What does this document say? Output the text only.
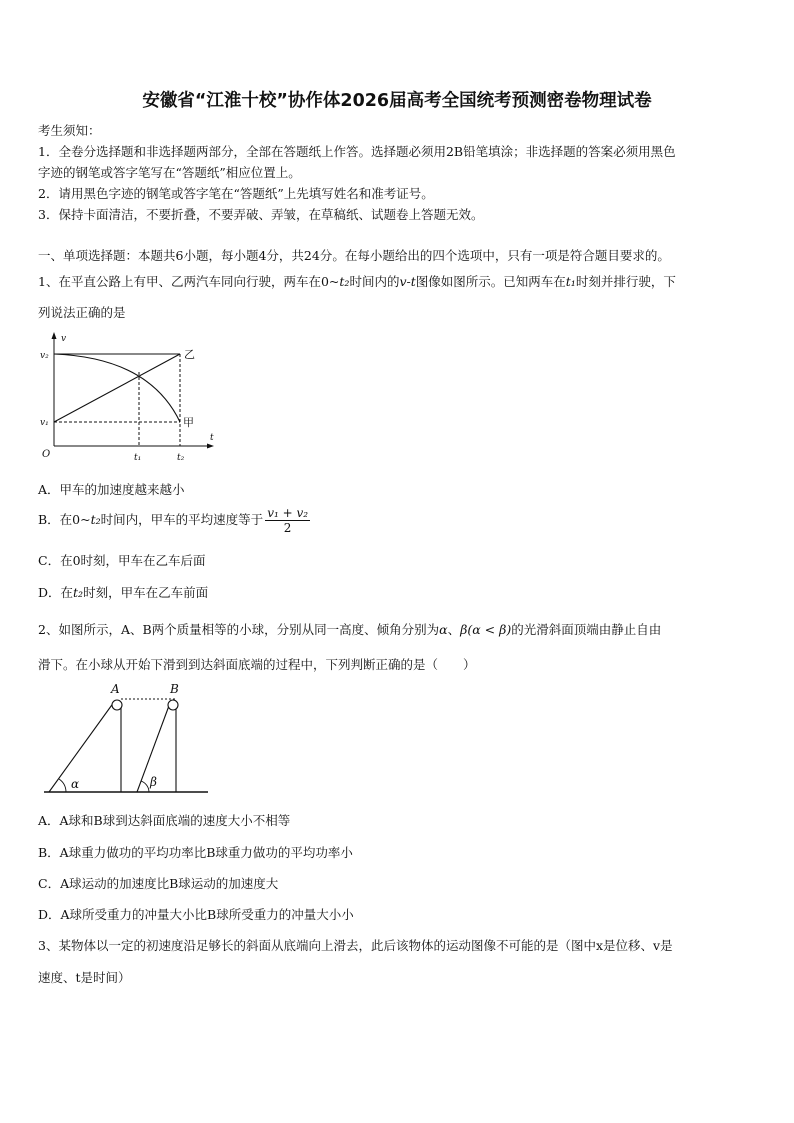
安徽省“江淮十校”协作体2026届高考全国统考预测密卷物理试卷
考生须知：
1．全卷分选择题和非选择题两部分，全部在答题纸上作答。选择题必须用2B铅笔填涂；非选择题的答案必须用黑色
字迹的钢笔或答字笔写在“答题纸”相应位置上。
2．请用黑色字迹的钢笔或答字笔在“答题纸”上先填写姓名和准考证号。
3．保持卡面清洁，不要折叠，不要弄破、弄皱，在草稿纸、试题卷上答题无效。
一、单项选择题：本题共6小题，每小题4分，共24分。在每小题给出的四个选项中，只有一项是符合题目要求的。
1、在平直公路上有甲、乙两汽车同向行驶，两车在0~t₂时间内的v-t图像如图所示。已知两车在t₁时刻并排行驶，下
列说法正确的是
v
t
v₂
v₁
O	t₁	t₂
乙
甲
A．甲车的加速度越来越小
B．在0~t₂时间内，甲车的平均速度等于 $\frac{\text{v₁ + v₂}}{2}$
C．在0时刻，甲车在乙车后面
D．在t₂时刻，甲车在乙车前面
2、如图所示，A、B两个质量相等的小球，分别从同一高度、倾角分别为α、β(α < β)的光滑斜面顶端由静止自由
滑下。在小球从开始下滑到到达斜面底端的过程中，下列判断正确的是（　　）
A	B
α	β
A．A球和B球到达斜面底端的速度大小不相等
B．A球重力做功的平均功率比B球重力做功的平均功率小
C．A球运动的加速度比B球运动的加速度大
D．A球所受重力的冲量大小比B球所受重力的冲量大小小
3、某物体以一定的初速度沿足够长的斜面从底端向上滑去，此后该物体的运动图像不可能的是（图中x是位移、v是
速度、t是时间）
